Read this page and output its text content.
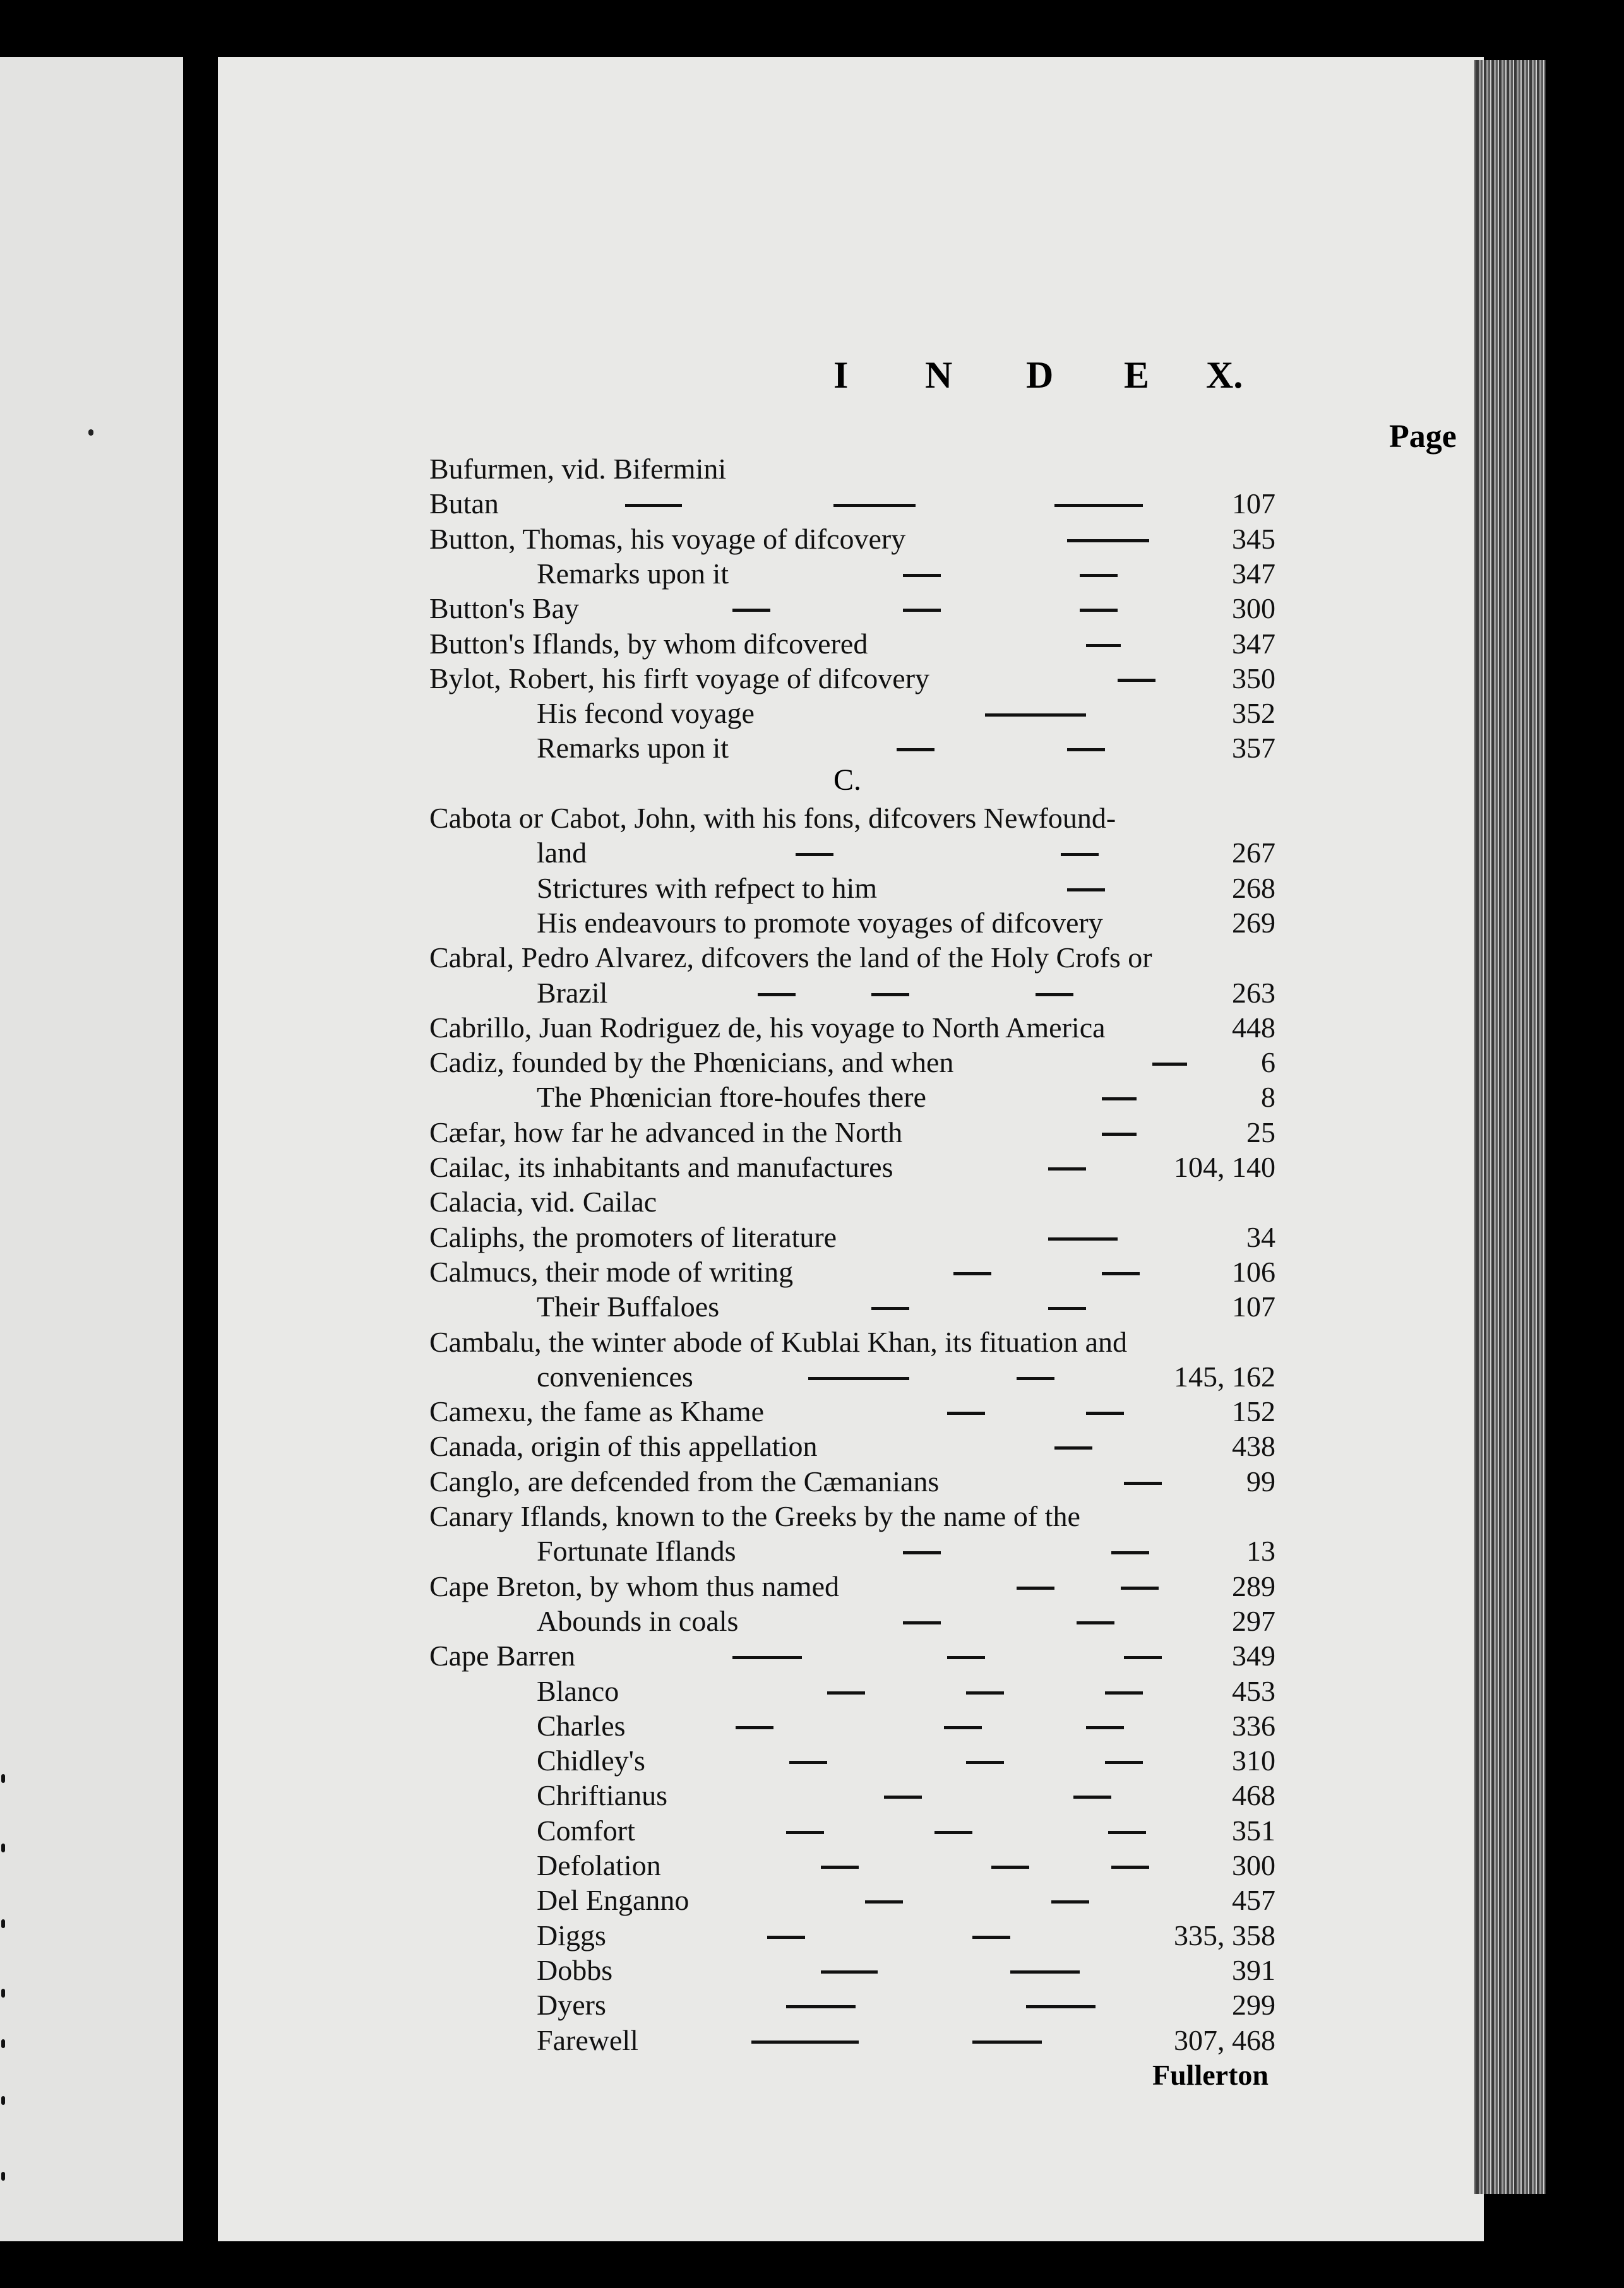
I N D E X.
Page
Bufurmen, vid. Bifermini
Butan	107
Button, Thomas, his voyage of difcovery	345
Remarks upon it	347
Button's Bay	300
Button's Iflands, by whom difcovered	347
Bylot, Robert, his firft voyage of difcovery	350
His fecond voyage	352
Remarks upon it	357
Cabota or Cabot, John, with his fons, difcovers Newfound-
land	267
Strictures with refpect to him	268
His endeavours to promote voyages of difcovery	269
Cabral, Pedro Alvarez, difcovers the land of the Holy Crofs or
Brazil	263
Cabrillo, Juan Rodriguez de, his voyage to North America	448
Cadiz, founded by the Phœnicians, and when	6
The Phœnician ftore-houfes there	8
Cæfar, how far he advanced in the North	25
Cailac, its inhabitants and manufactures	104, 140
Calacia, vid. Cailac
Caliphs, the promoters of literature	34
Calmucs, their mode of writing	106
Their Buffaloes	107
Cambalu, the winter abode of Kublai Khan, its fituation and
conveniences	145, 162
Camexu, the fame as Khame	152
Canada, origin of this appellation	438
Canglo, are defcended from the Cæmanians	99
Canary Iflands, known to the Greeks by the name of the
Fortunate Iflands	13
Cape Breton, by whom thus named	289
Abounds in coals	297
Cape Barren	349
Blanco	453
Charles	336
Chidley's	310
Chriftianus	468
Comfort	351
Defolation	300
Del Enganno	457
Diggs	335, 358
Dobbs	391
Dyers	299
Farewell	307, 468
C.
Fullerton
